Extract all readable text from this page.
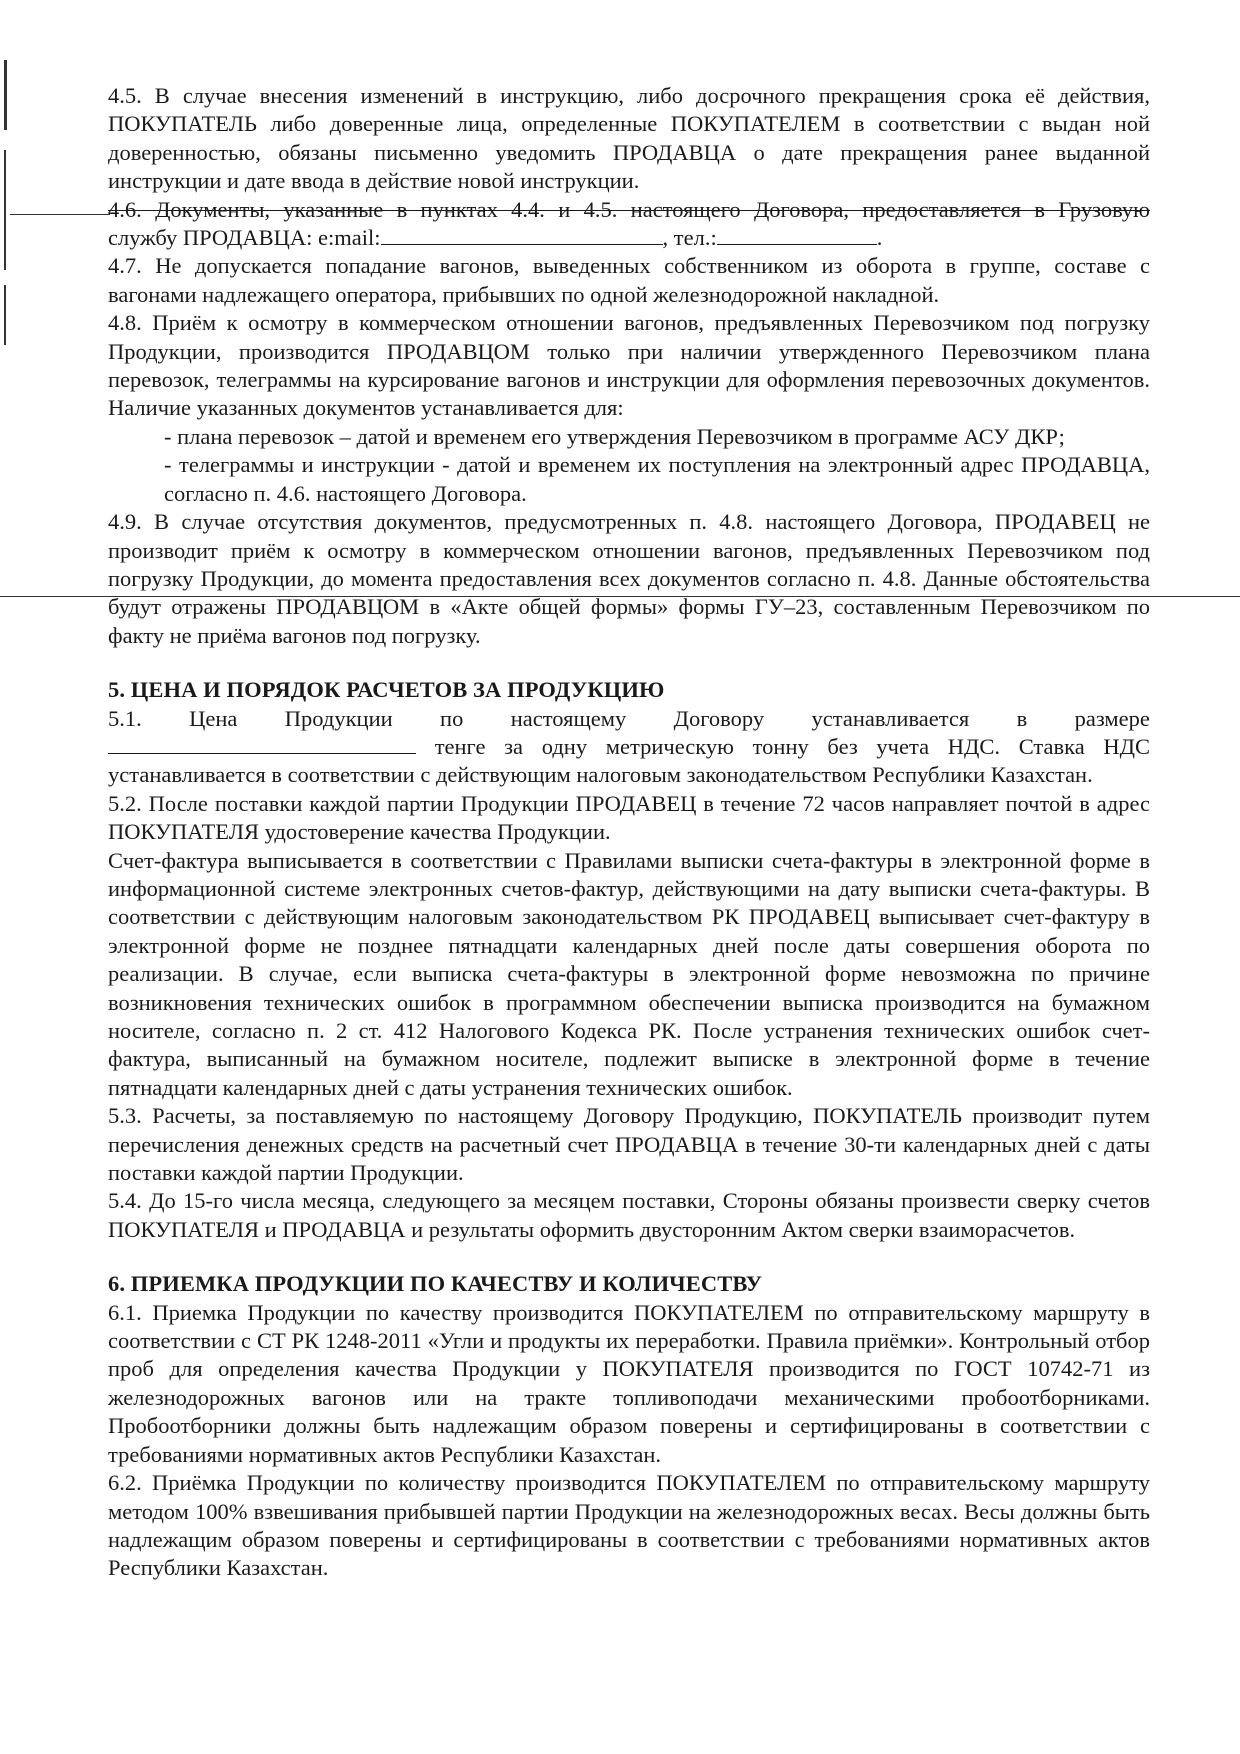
4.5. В случае внесения изменений в инструкцию, либо досрочного прекращения срока её действия, ПОКУПАТЕЛЬ либо доверенные лица, определенные ПОКУПАТЕЛЕМ в соответствии с выдан ной доверенностью, обязаны письменно уведомить ПРОДАВЦА о дате прекращения ранее выданной инструкции и дате ввода в действие новой инструкции.

4.6. Документы, указанные в пунктах 4.4. и 4.5. настоящего Договора, предоставляется в Грузовую

службу ПРОДАВЦА: e:mail:	, тел.:	.

4.7. Не допускается попадание вагонов, выведенных собственником из оборота в группе, составе с вагонами надлежащего оператора, прибывших по одной железнодорожной накладной.

4.8. Приём к осмотру в коммерческом отношении вагонов, предъявленных Перевозчиком под погрузку Продукции, производится ПРОДАВЦОМ только при наличии утвержденного Перевозчиком плана перевозок, телеграммы на курсирование вагонов и инструкции для оформления перевозочных документов. Наличие указанных документов устанавливается для:

- плана перевозок – датой и временем его утверждения Перевозчиком в программе АСУ ДКР;

- телеграммы и инструкции - датой и временем их поступления на электронный адрес ПРОДАВЦА, согласно п. 4.6. настоящего Договора.

4.9. В случае отсутствия документов, предусмотренных п. 4.8. настоящего Договора, ПРОДАВЕЦ не производит приём к осмотру в коммерческом отношении вагонов, предъявленных Перевозчиком под погрузку Продукции, до момента предоставления всех документов согласно п. 4.8. Данные обстоятельства будут отражены ПРОДАВЦОМ в «Акте общей формы» формы ГУ–23, составленным Перевозчиком по факту не приёма вагонов под погрузку.

5. ЦЕНА И ПОРЯДОК РАСЧЕТОВ ЗА ПРОДУКЦИЮ

5.1. Цена Продукции по настоящему Договору устанавливается в размере

тенге за одну метрическую тонну без учета НДС. Ставка НДС устанавливается в соответствии с действующим налоговым законодательством Республики Казахстан.

5.2. После поставки каждой партии Продукции ПРОДАВЕЦ в течение 72 часов направляет почтой в адрес ПОКУПАТЕЛЯ удостоверение качества Продукции.

Счет-фактура выписывается в соответствии с Правилами выписки счета-фактуры в электронной форме в информационной системе электронных счетов-фактур, действующими на дату выписки счета-фактуры. В соответствии с действующим налоговым законодательством РК ПРОДАВЕЦ выписывает счет-фактуру в электронной форме не позднее пятнадцати календарных дней после даты совершения оборота по реализации. В случае, если выписка счета-фактуры в электронной форме невозможна по причине возникновения технических ошибок в программном обеспечении выписка производится на бумажном носителе, согласно п. 2 ст. 412 Налогового Кодекса РК. После устранения технических ошибок счет-фактура, выписанный на бумажном носителе, подлежит выписке в электронной форме в течение пятнадцати календарных дней с даты устранения технических ошибок.

5.3. Расчеты, за поставляемую по настоящему Договору Продукцию, ПОКУПАТЕЛЬ производит путем перечисления денежных средств на расчетный счет ПРОДАВЦА в течение 30-ти календарных дней с даты поставки каждой партии Продукции.

5.4. До 15-го числа месяца, следующего за месяцем поставки, Стороны обязаны произвести сверку счетов ПОКУПАТЕЛЯ и ПРОДАВЦА и результаты оформить двусторонним Актом сверки взаиморасчетов.

6. ПРИЕМКА ПРОДУКЦИИ ПО КАЧЕСТВУ И КОЛИЧЕСТВУ

6.1. Приемка Продукции по качеству производится ПОКУПАТЕЛЕМ по отправительскому маршруту в соответствии с СТ РК 1248-2011 «Угли и продукты их переработки. Правила приёмки». Контрольный отбор проб для определения качества Продукции у ПОКУПАТЕЛЯ производится по ГОСТ 10742-71 из железнодорожных вагонов или на тракте топливоподачи механическими пробоотборниками. Пробоотборники должны быть надлежащим образом поверены и сертифицированы в соответствии с требованиями нормативных актов Республики Казахстан.

6.2. Приёмка Продукции по количеству производится ПОКУПАТЕЛЕМ по отправительскому маршруту методом 100% взвешивания прибывшей партии Продукции на железнодорожных весах. Весы должны быть надлежащим образом поверены и сертифицированы в соответствии с требованиями нормативных актов Республики Казахстан.
